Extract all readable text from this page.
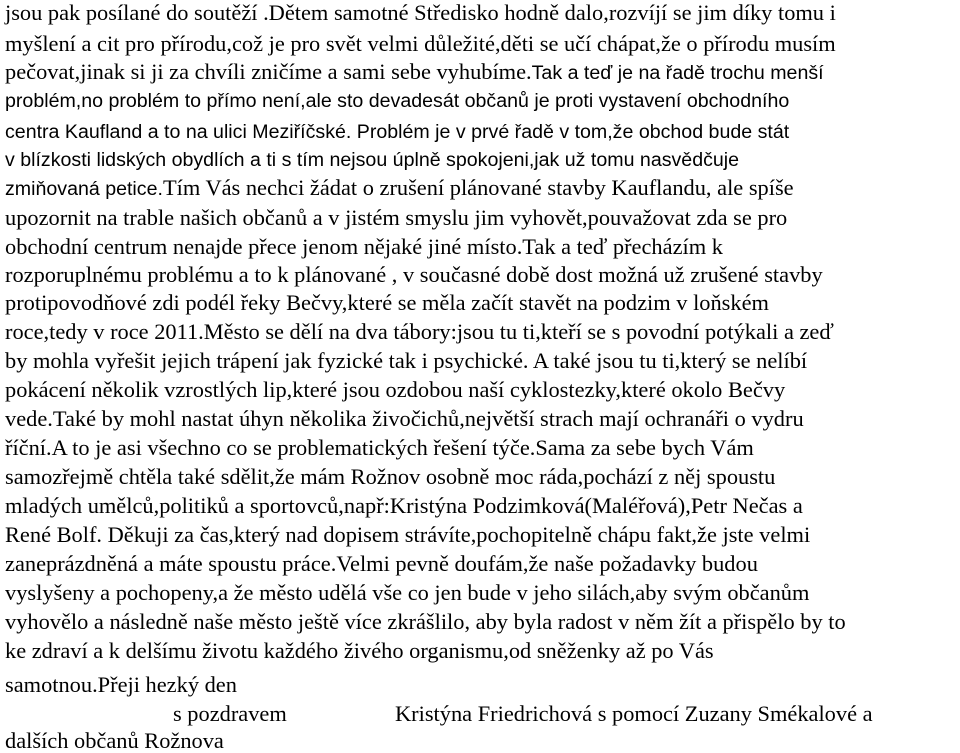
jsou pak posílané do soutěží .Dětem samotné Středisko hodně dalo,rozvíjí se jim díky tomu i

myšlení a cit pro přírodu,což je pro svět velmi důležité,děti se učí chápat,že o přírodu musím

pečovat,jinak si ji za chvíli zničíme a sami sebe vyhubíme.Tak a teď je na řadě trochu menší

problém,no problém to přímo není,ale sto devadesát občanů je proti vystavení obchodního

centra Kaufland a to na ulici Meziříčské. Problém je v prvé řadě v tom,že obchod bude stát

v blízkosti lidských obydlích a ti s tím nejsou úplně spokojeni,jak už tomu nasvědčuje

zmiňovaná petice.Tím Vás nechci žádat o zrušení plánované stavby Kauflandu, ale spíše

upozornit na trable našich občanů a v jistém smyslu jim vyhovět,pouvažovat zda se pro

obchodní centrum nenajde přece jenom nějaké jiné místo.Tak a teď přecházím k

rozporuplnému problému a to k plánované , v současné době dost možná už zrušené stavby

protipovodňové zdi podél řeky Bečvy,které se měla začít stavět na podzim v loňském

roce,tedy v roce 2011.Město se dělí na dva tábory:jsou tu ti,kteří se s povodní potýkali a zeď

by mohla vyřešit jejich trápení jak fyzické tak i psychické. A také jsou tu ti,který se nelíbí

pokácení několik vzrostlých lip,které jsou ozdobou naší cyklostezky,které okolo Bečvy

vede.Také by mohl nastat úhyn několika živočichů,největší strach mají ochranáři o vydru

říční.A to je asi všechno co se problematických řešení týče.Sama za sebe bych Vám

samozřejmě chtěla také sdělit,že mám Rožnov osobně moc ráda,pochází z něj spoustu

mladých umělců,politiků a sportovců,např:Kristýna Podzimková(Maléřová),Petr Nečas a

René Bolf. Děkuji za čas,který nad dopisem strávíte,pochopitelně chápu fakt,že jste velmi

zaneprázdněná a máte spoustu práce.Velmi pevně doufám,že naše požadavky budou

vyslyšeny a pochopeny,a že město udělá vše co jen bude v jeho silách,aby svým občanům

vyhovělo a následně naše město ještě více zkrášlilo, aby byla radost v něm žít a přispělo by to

ke zdraví a k delšímu životu každého živého organismu,od sněženky až po Vás

samotnou.Přeji hezký den

s pozdravem	Kristýna Friedrichová s pomocí Zuzany Smékalové a

dalších občanů Rožnova
